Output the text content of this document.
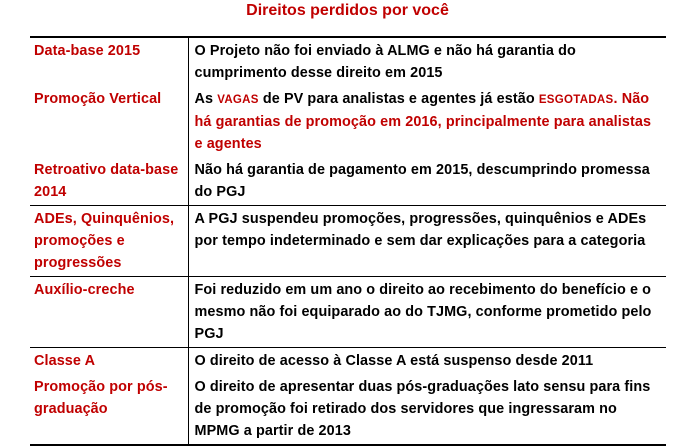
Direitos perdidos por você
Data-base 2015	O Projeto não foi enviado à ALMG e não há garantia do cumprimento desse direito em 2015
Promoção Vertical	As VAGAS de PV para analistas e agentes já estão ESGOTADAS. Não há garantias de promoção em 2016, principalmente para analistas e agentes
Retroativo data-base 2014	Não há garantia de pagamento em 2015, descumprindo promessa do PGJ
ADEs, Quinquênios, promoções e progressões	A PGJ suspendeu promoções, progressões, quinquênios e ADEs por tempo indeterminado e sem dar explicações para a categoria
Auxílio-creche	Foi reduzido em um ano o direito ao recebimento do benefício e o mesmo não foi equiparado ao do TJMG, conforme prometido pelo PGJ
Classe A	O direito de acesso à Classe A está suspenso desde 2011
Promoção por pós-graduação	O direito de apresentar duas pós-graduações lato sensu para fins de promoção foi retirado dos servidores que ingressaram no MPMG a partir de 2013
